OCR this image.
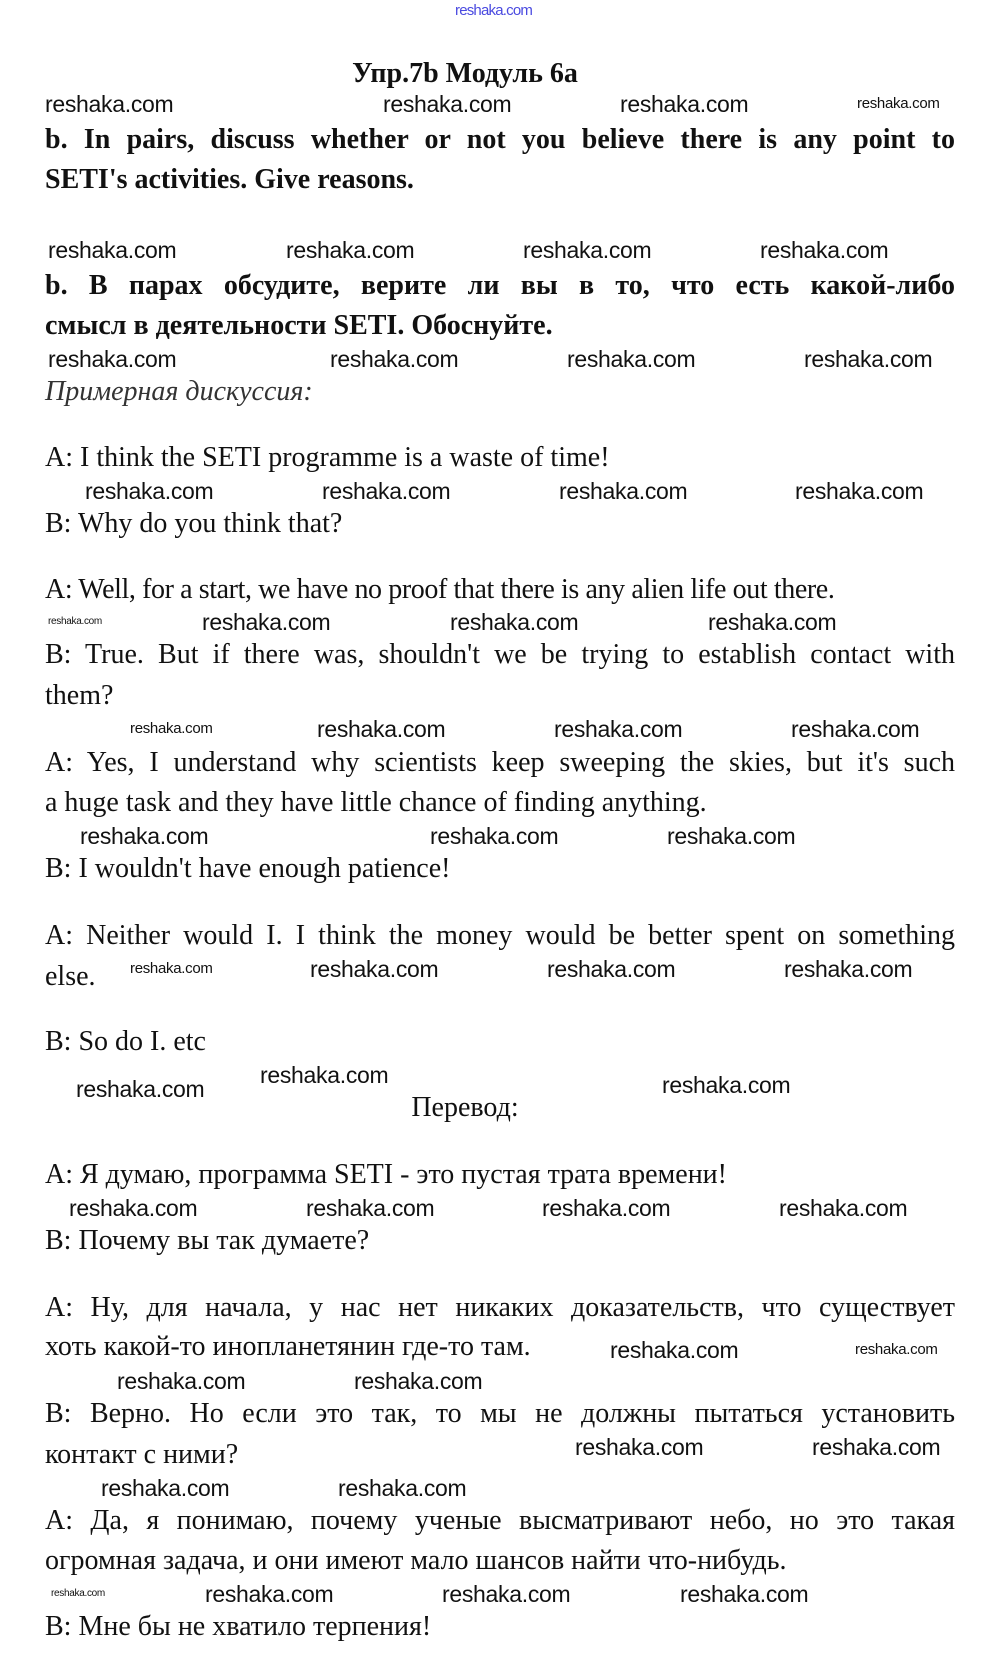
reshaka.com
Упр.7b Модуль 6а
b. In pairs, discuss whether or not you believe there is any point to
SETI's activities. Give reasons.
b. В парах обсудите, верите ли вы в то, что есть какой-либо
смысл в деятельности SETI. Обоснуйте.
Примерная дискуссия:
A: I think the SETI programme is a waste of time!
B: Why do you think that?
A: Well, for a start, we have no proof that there is any alien life out there.
B: True. But if there was, shouldn't we be trying to establish contact with
them?
A: Yes, I understand why scientists keep sweeping the skies, but it's such
a huge task and they have little chance of finding anything.
B: I wouldn't have enough patience!
A: Neither would I. I think the money would be better spent on something
else.
B: So do I. etc
Перевод:
A: Я думаю, программа SETI - это пустая трата времени!
B: Почему вы так думаете?
A: Ну, для начала, у нас нет никаких доказательств, что существует
хоть какой-то инопланетянин где-то там.
B: Верно. Но если это так, то мы не должны пытаться установить
контакт с ними?
A: Да, я понимаю, почему ученые высматривают небо, но это такая
огромная задача, и они имеют мало шансов найти что-нибудь.
B: Мне бы не хватило терпения!
reshaka.com	reshaka.com	reshaka.com	reshaka.com
reshaka.com	reshaka.com	reshaka.com	reshaka.com
reshaka.com	reshaka.com	reshaka.com	reshaka.com
reshaka.com	reshaka.com	reshaka.com	reshaka.com
reshaka.com	reshaka.com	reshaka.com
reshaka.com
reshaka.com	reshaka.com	reshaka.com	reshaka.com
reshaka.com	reshaka.com	reshaka.com
reshaka.com	reshaka.com	reshaka.com	reshaka.com
reshaka.com
reshaka.com	reshaka.com
reshaka.com	reshaka.com	reshaka.com	reshaka.com
reshaka.com
reshaka.com	reshaka.com
reshaka.com
reshaka.com	reshaka.com
reshaka.com	reshaka.com
reshaka.com
reshaka.com	reshaka.com	reshaka.com
